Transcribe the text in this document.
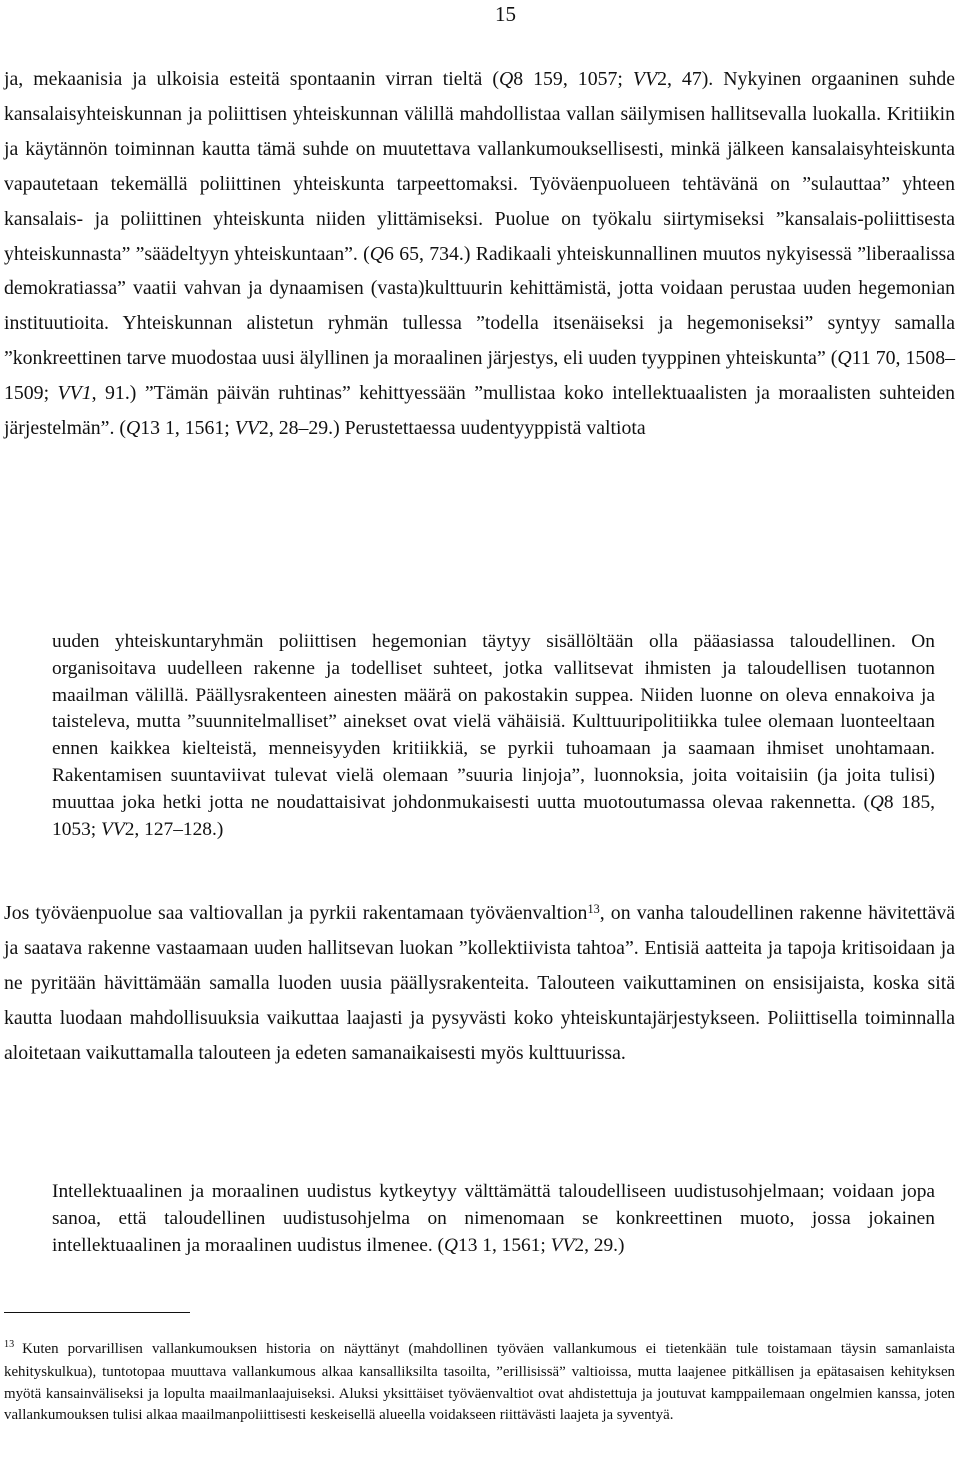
15

ja, mekaanisia ja ulkoisia esteitä spontaanin virran tieltä (Q8 159, 1057; VV2, 47). Nykyinen orgaaninen suhde kansalaisyhteiskunnan ja poliittisen yhteiskunnan välillä mahdollistaa vallan säilymisen hallitsevalla luokalla. Kritiikin ja käytännön toiminnan kautta tämä suhde on muutettava vallankumouksellisesti, minkä jälkeen kansalaisyhteiskunta vapautetaan tekemällä poliittinen yhteiskunta tarpeettomaksi. Työväenpuolueen tehtävänä on ”sulauttaa” yhteen kansalais- ja poliittinen yhteiskunta niiden ylittämiseksi. Puolue on työkalu siirtymiseksi ”kansalais-poliittisesta yhteiskunnasta” ”säädeltyyn yhteiskuntaan”. (Q6 65, 734.) Radikaali yhteiskunnallinen muutos nykyisessä ”liberaalissa demokratiassa” vaatii vahvan ja dynaamisen (vasta)kulttuurin kehittämistä, jotta voidaan perustaa uuden hegemonian instituutioita. Yhteiskunnan alistetun ryhmän tullessa ”todella itsenäiseksi ja hegemoniseksi” syntyy samalla ”konkreettinen tarve muodostaa uusi älyllinen ja moraalinen järjestys, eli uuden tyyppinen yhteiskunta” (Q11 70, 1508–1509; VV1, 91.) ”Tämän päivän ruhtinas” kehittyessään ”mullistaa koko intellektuaalisten ja moraalisten suhteiden järjestelmän”. (Q13 1, 1561; VV2, 28–29.) Perustettaessa uudentyyppistä valtiota

uuden yhteiskuntaryhmän poliittisen hegemonian täytyy sisällöltään olla pääasiassa taloudellinen. On organisoitava uudelleen rakenne ja todelliset suhteet, jotka vallitsevat ihmisten ja taloudellisen tuotannon maailman välillä. Päällysrakenteen ainesten määrä on pakostakin suppea. Niiden luonne on oleva ennakoiva ja taisteleva, mutta ”suunnitelmalliset” ainekset ovat vielä vähäisiä. Kulttuuripolitiikka tulee olemaan luonteeltaan ennen kaikkea kielteistä, menneisyyden kritiikkiä, se pyrkii tuhoamaan ja saamaan ihmiset unohtamaan. Rakentamisen suuntaviivat tulevat vielä olemaan ”suuria linjoja”, luonnoksia, joita voitaisiin (ja joita tulisi) muuttaa joka hetki jotta ne noudattaisivat johdonmukaisesti uutta muotoutumassa olevaa rakennetta. (Q8 185, 1053; VV2, 127–128.)

Jos työväenpuolue saa valtiovallan ja pyrkii rakentamaan työväenvaltion$^{13}$, on vanha taloudellinen rakenne hävitettävä ja saatava rakenne vastaamaan uuden hallitsevan luokan ”kollektiivista tahtoa”. Entisiä aatteita ja tapoja kritisoidaan ja ne pyritään hävittämään samalla luoden uusia päällysrakenteita. Talouteen vaikuttaminen on ensisijaista, koska sitä kautta luodaan mahdollisuuksia vaikuttaa laajasti ja pysyvästi koko yhteiskuntajärjestykseen. Poliittisella toiminnalla aloitetaan vaikuttamalla talouteen ja edeten samanaikaisesti myös kulttuurissa.

Intellektuaalinen ja moraalinen uudistus kytkeytyy välttämättä taloudelliseen uudistusohjelmaan; voidaan jopa sanoa, että taloudellinen uudistusohjelma on nimenomaan se konkreettinen muoto, jossa jokainen intellektuaalinen ja moraalinen uudistus ilmenee. (Q13 1, 1561; VV2, 29.)

$^{13}$ Kuten porvarillisen vallankumouksen historia on näyttänyt (mahdollinen työväen vallankumous ei tietenkään tule toistamaan täysin samanlaista kehityskulkua), tuntotopaa muuttava vallankumous alkaa kansalliksilta tasoilta, ”erillisissä” valtioissa, mutta laajenee pitkällisen ja epätasaisen kehityksen myötä kansainväliseksi ja lopulta maailmanlaajuiseksi. Aluksi yksittäiset työväenvaltiot ovat ahdistettuja ja joutuvat kamppailemaan ongelmien kanssa, joten vallankumouksen tulisi alkaa maailmanpoliittisesti keskeisellä alueella voidakseen riittävästi laajeta ja syventyä.
